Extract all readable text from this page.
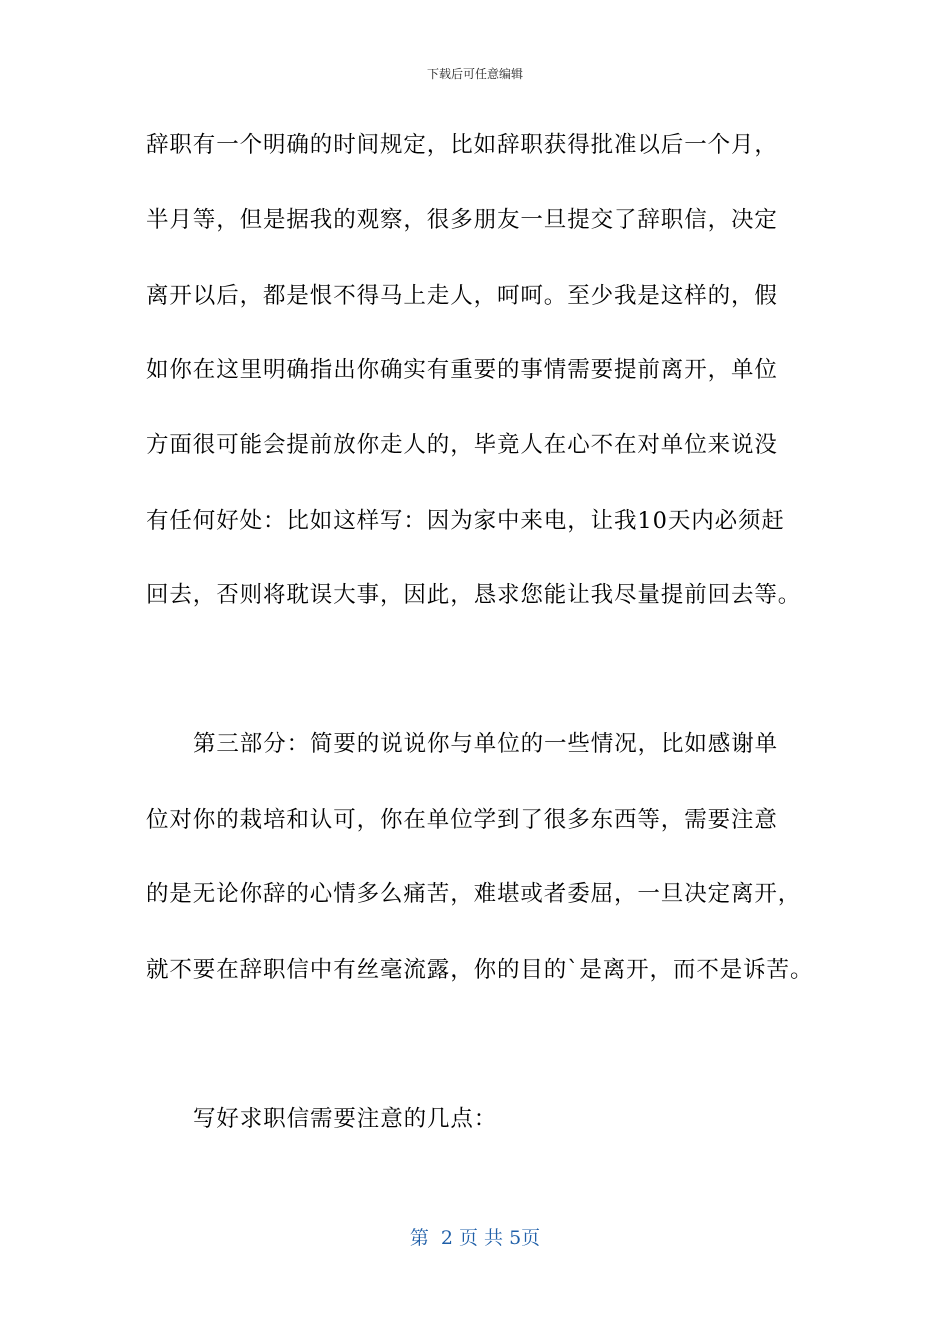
下载后可任意编辑
辞职有一个明确的时间规定，比如辞职获得批准以后一个月，
半月等，但是据我的观察，很多朋友一旦提交了辞职信，决定
离开以后，都是恨不得马上走人，呵呵。至少我是这样的，假
如你在这里明确指出你确实有重要的事情需要提前离开，单位
方面很可能会提前放你走人的，毕竟人在心不在对单位来说没
有任何好处：比如这样写：因为家中来电，让我10天内必须赶
回去，否则将耽误大事，因此，恳求您能让我尽量提前回去等。
第三部分：简要的说说你与单位的一些情况，比如感谢单
位对你的栽培和认可，你在单位学到了很多东西等，需要注意
的是无论你辞的心情多么痛苦，难堪或者委屈，一旦决定离开，
就不要在辞职信中有丝毫流露，你的目的`是离开，而不是诉苦。
写好求职信需要注意的几点：
第  2 页 共 5页
